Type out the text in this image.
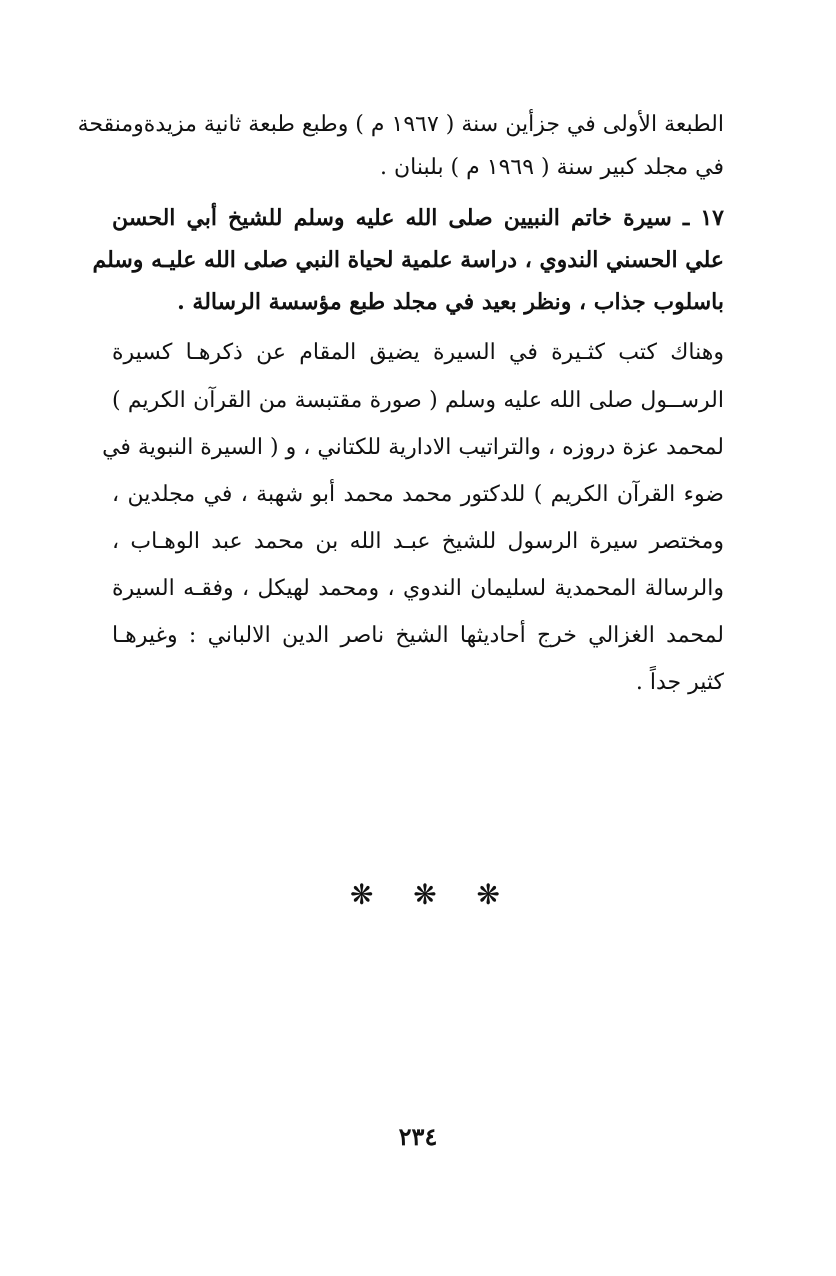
الطبعة الأولى في جزأين سنة ( ١٩٦٧ م ) وطبع طبعة ثانية مزيدةومنقحة
في مجلد كبير سنة ( ١٩٦٩ م ) بلبنان .
١٧ ـ سيرة خاتم النبيين صلى الله عليه وسلم للشيخ أبي الحسن
علي الحسني الندوي ، دراسة علمية لحياة النبي صلى الله عليـه وسلم
باسلوب جذاب ، ونظر بعيد في مجلد طبع مؤسسة الرسالة .
وهناك كتب كثـيرة في السيرة يضيق المقام عن ذكرهـا كسيرة
الرســول صلى الله عليه وسلم ( صورة مقتبسة من القرآن الكريم )
لمحمد عزة دروزه ، والتراتيب الادارية للكتاني ، و ( السيرة النبوية في
ضوء القرآن الكريم ) للدكتور محمد محمد أبو شهبة ، في مجلدين ،
ومختصر سيرة الرسول للشيخ عبـد الله بن محمد عبد الوهـاب ،
والرسالة المحمدية لسليمان الندوي ، ومحمد لهيكل ، وفقـه السيرة
لمحمد الغزالي خرج أحاديثها الشيخ ناصر الدين الالباني : وغيرهـا
كثير جداً .
❋ ❋ ❋
٢٣٤
